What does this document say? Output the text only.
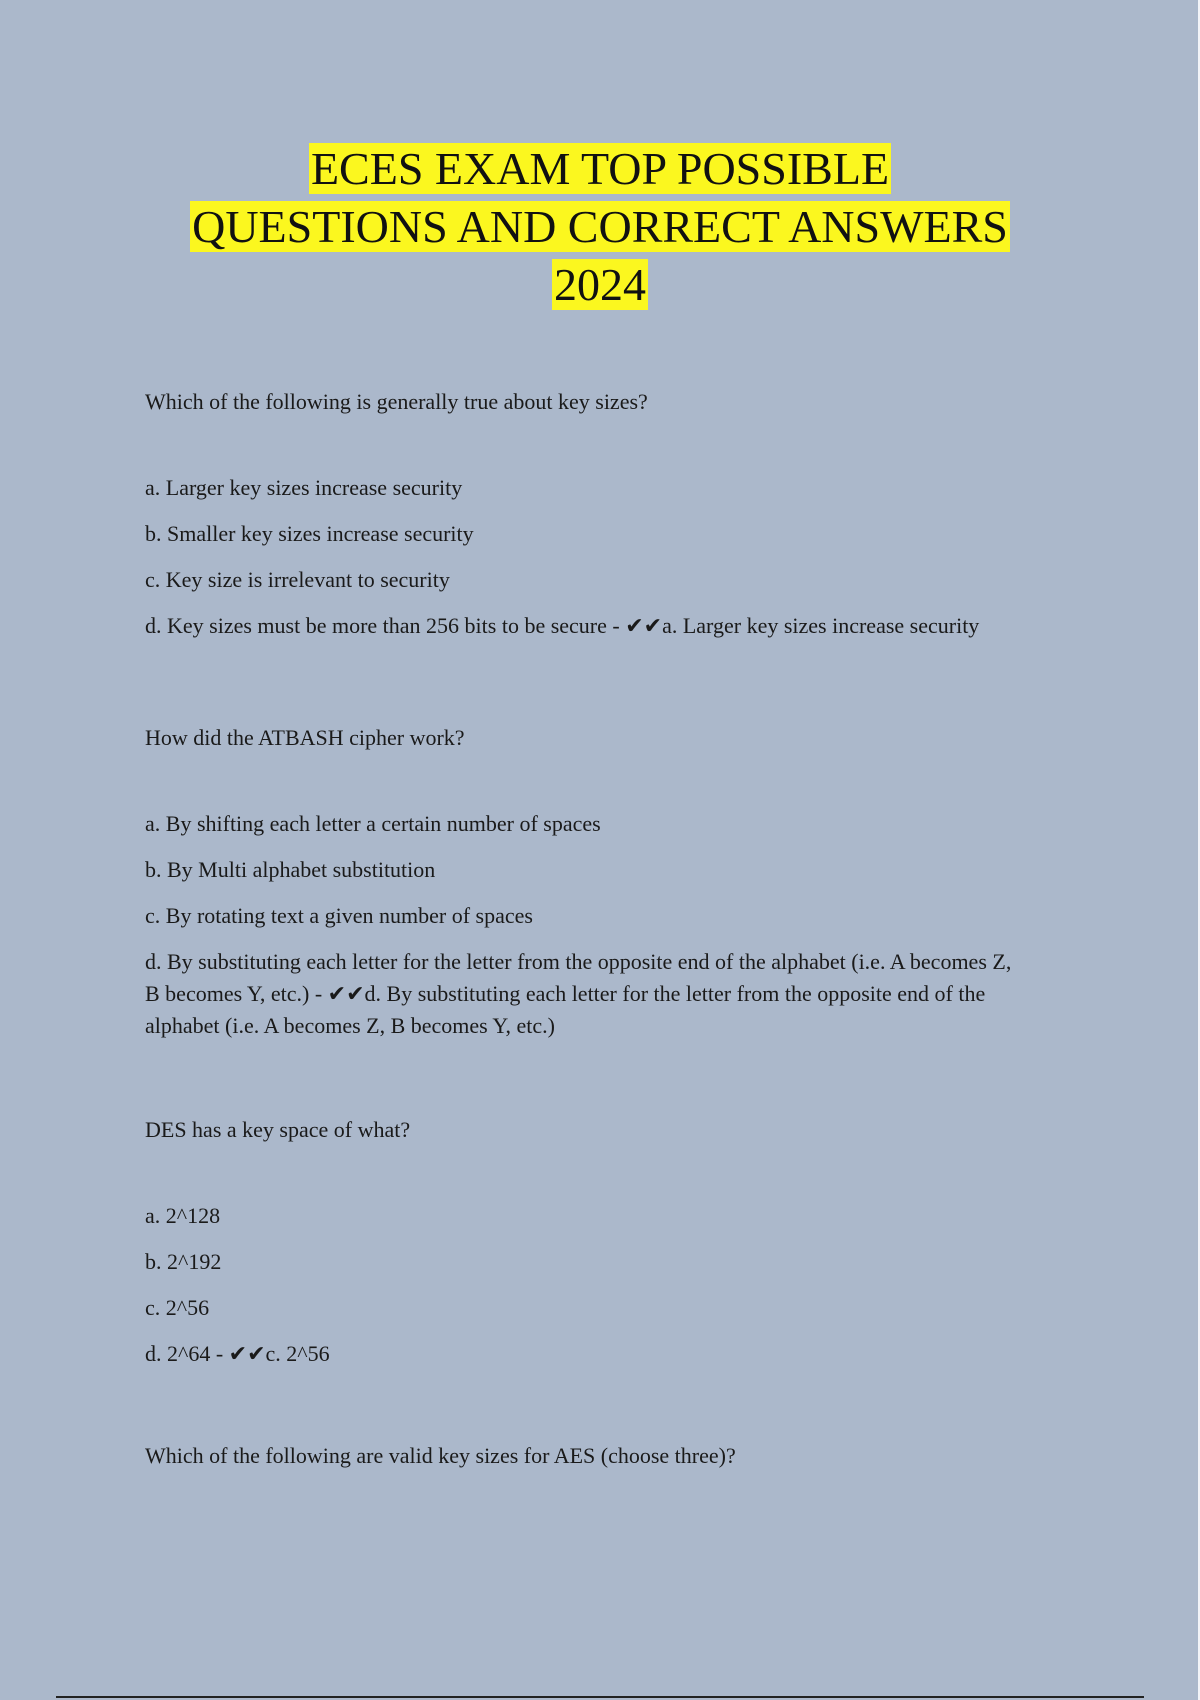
ECES EXAM TOP POSSIBLE
QUESTIONS AND CORRECT ANSWERS
2024

Which of the following is generally true about key sizes?

a. Larger key sizes increase security
b. Smaller key sizes increase security
c. Key size is irrelevant to security
d. Key sizes must be more than 256 bits to be secure - ✔✔a. Larger key sizes increase security

How did the ATBASH cipher work?

a. By shifting each letter a certain number of spaces
b. By Multi alphabet substitution
c. By rotating text a given number of spaces
d. By substituting each letter for the letter from the opposite end of the alphabet (i.e. A becomes Z, B becomes Y, etc.) - ✔✔d. By substituting each letter for the letter from the opposite end of the alphabet (i.e. A becomes Z, B becomes Y, etc.)

DES has a key space of what?

a. 2^128
b. 2^192
c. 2^56
d. 2^64 - ✔✔c. 2^56

Which of the following are valid key sizes for AES (choose three)?
